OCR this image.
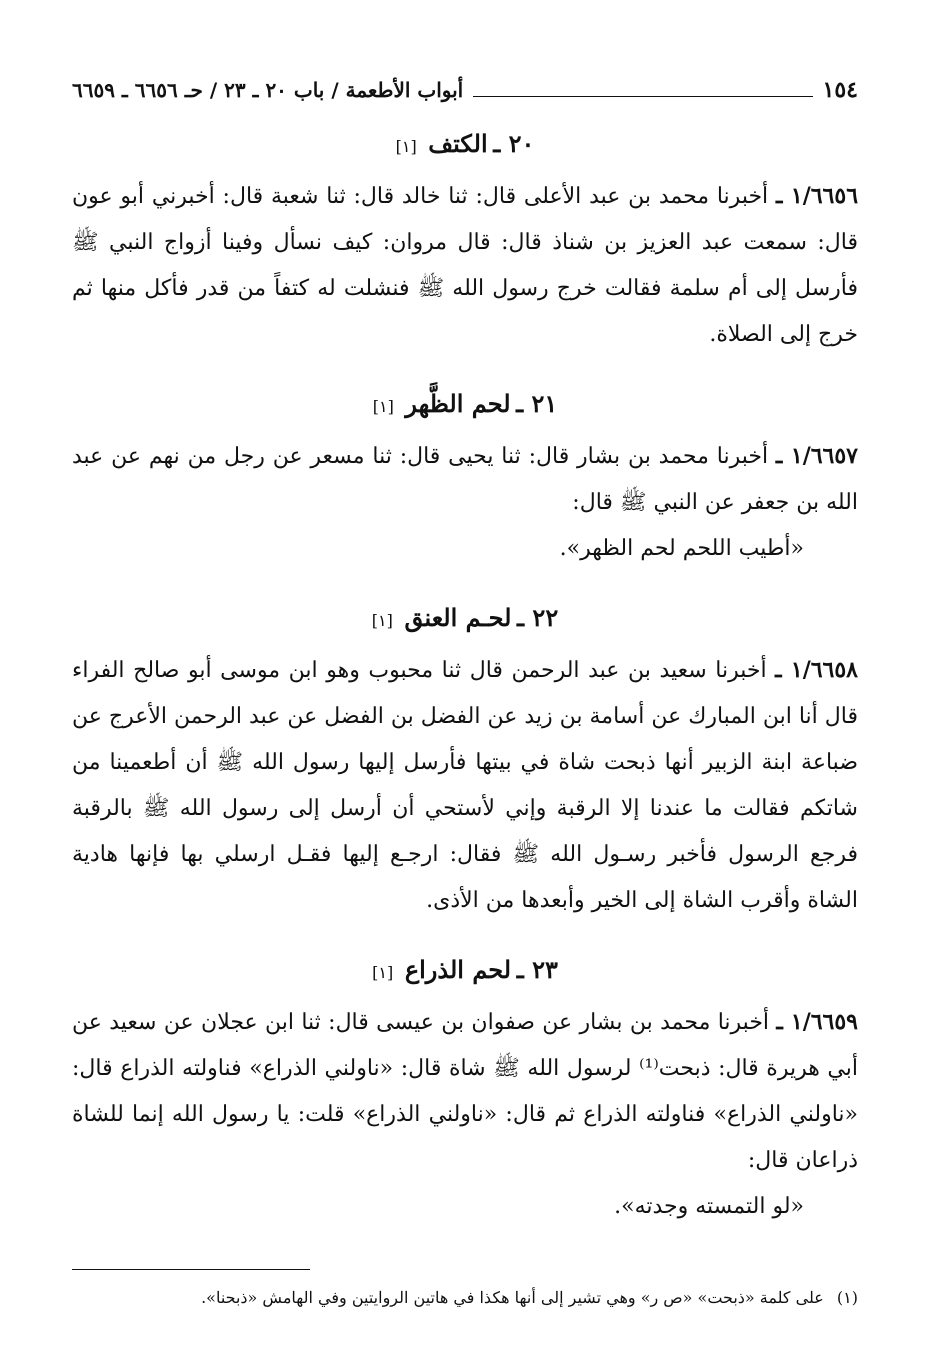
١٥٤
أبواب الأطعمة / باب ٢٠ ـ ٢٣ / حـ ٦٦٥٦ ـ ٦٦٥٩
٢٠ ـ الكتف [١]

١/٦٦٥٦ ـ أخبرنا محمد بن عبد الأعلى قال: ثنا خالد قال: ثنا شعبة قال: أخبرني أبو عون قال: سمعت عبد العزيز بن شناذ قال: قال مروان: كيف نسأل وفينا أزواج النبي ﷺ فأرسل إلى أم سلمة فقالت خرج رسول الله ﷺ فنشلت له كتفاً من قدر فأكل منها ثم خرج إلى الصلاة.

٢١ ـ لحم الظَّهر [١]

١/٦٦٥٧ ـ أخبرنا محمد بن بشار قال: ثنا يحيى قال: ثنا مسعر عن رجل من نهم عن عبد الله بن جعفر عن النبي ﷺ قال:

«أطيب اللحم لحم الظهر».

٢٢ ـ لحـم العنق [١]

١/٦٦٥٨ ـ أخبرنا سعيد بن عبد الرحمن قال ثنا محبوب وهو ابن موسى أبو صالح الفراء قال أنا ابن المبارك عن أسامة بن زيد عن الفضل بن الفضل عن عبد الرحمن الأعرج عن ضباعة ابنة الزبير أنها ذبحت شاة في بيتها فأرسل إليها رسول الله ﷺ أن أطعمينا من شاتكم فقالت ما عندنا إلا الرقبة وإني لأستحي أن أرسل إلى رسول الله ﷺ بالرقبة فرجع الرسول فأخبر رسـول الله ﷺ فقال: ارجـع إليها فقـل ارسلي بها فإنها هادية الشاة وأقرب الشاة إلى الخير وأبعدها من الأذى.

٢٣ ـ لحم الذراع [١]

١/٦٦٥٩ ـ أخبرنا محمد بن بشار عن صفوان بن عيسى قال: ثنا ابن عجلان عن سعيد عن أبي هريرة قال: ذبحت⁽¹⁾ لرسول الله ﷺ شاة قال: «ناولني الذراع» فناولته الذراع قال: «ناولني الذراع» فناولته الذراع ثم قال: «ناولني الذراع» قلت: يا رسول الله إنما للشاة ذراعان قال:

«لو التمسته وجدته».

(١) على كلمة «ذبحت» «ص ر» وهي تشير إلى أنها هكذا في هاتين الروايتين وفي الهامش «ذبحنا».
